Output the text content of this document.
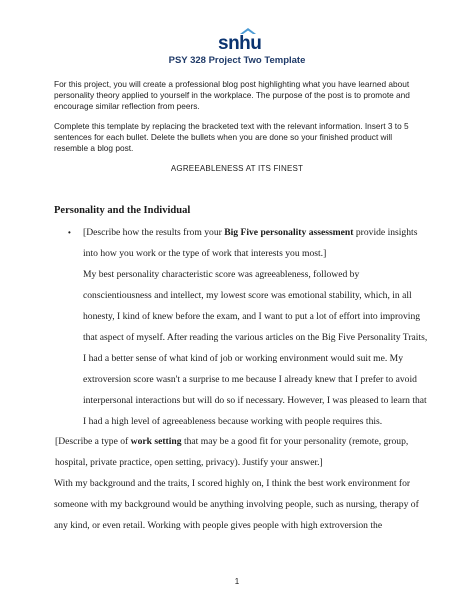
snhu
PSY 328 Project Two Template
For this project, you will create a professional blog post highlighting what you have learned about personality theory applied to yourself in the workplace. The purpose of the post is to promote and encourage similar reflection from peers.
Complete this template by replacing the bracketed text with the relevant information. Insert 3 to 5 sentences for each bullet. Delete the bullets when you are done so your finished product will resemble a blog post.
AGREEABLENESS AT ITS FINEST
Personality and the Individual
• [Describe how the results from your Big Five personality assessment provide insights into how you work or the type of work that interests you most.]

My best personality characteristic score was agreeableness, followed by conscientiousness and intellect, my lowest score was emotional stability, which, in all honesty, I kind of knew before the exam, and I want to put a lot of effort into improving that aspect of myself. After reading the various articles on the Big Five Personality Traits, I had a better sense of what kind of job or working environment would suit me. My extroversion score wasn't a surprise to me because I already knew that I prefer to avoid interpersonal interactions but will do so if necessary. However, I was pleased to learn that I had a high level of agreeableness because working with people requires this.

[Describe a type of work setting that may be a good fit for your personality (remote, group, hospital, private practice, open setting, privacy). Justify your answer.]

With my background and the traits, I scored highly on, I think the best work environment for someone with my background would be anything involving people, such as nursing, therapy of any kind, or even retail. Working with people gives people with high extroversion the

1
